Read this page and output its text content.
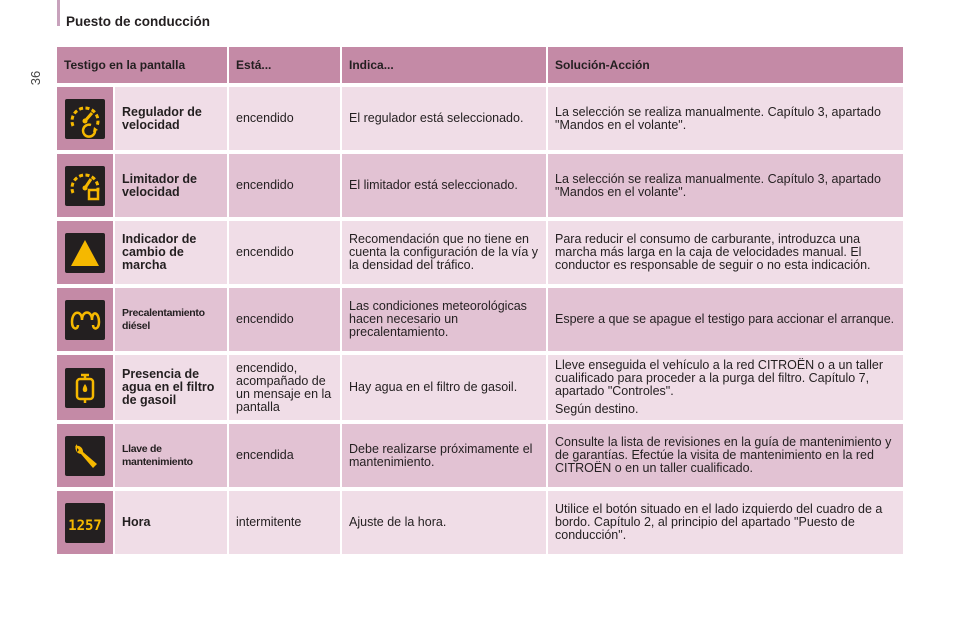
36
Puesto de conducción
Testigo en la pantalla		Está...	Indica...	Solución-Acción

	Regulador de velocidad	encendido	El regulador está seleccionado.	La selección se realiza manualmente. Capítulo 3, apartado "Mandos en el volante".

	Limitador de velocidad	encendido	El limitador está seleccionado.	La selección se realiza manualmente. Capítulo 3, apartado "Mandos en el volante".

	Indicador de cambio de marcha	encendido	Recomendación que no tiene en cuenta la configuración de la vía y la densidad del tráfico.	Para reducir el consumo de carburante, introduzca una marcha más larga en la caja de velocidades manual. El conductor es responsable de seguir o no esta indicación.

	Precalentamiento diésel	encendido	Las condiciones meteorológicas hacen necesario un precalentamiento.	Espere a que se apague el testigo para accionar el arranque.

	Presencia de agua en el filtro de gasoil	encendido, acompañado de un mensaje en la pantalla	Hay agua en el filtro de gasoil.	Lleve enseguida el vehículo a la red CITROËN o a un taller cualificado para proceder a la purga del filtro. Capítulo 7, apartado "Controles".
Según destino.

	Llave de mantenimiento	encendida	Debe realizarse próximamente el mantenimiento.	Consulte la lista de revisiones en la guía de mantenimiento y de garantías. Efectúe la visita de mantenimiento en la red CITROËN o en un taller cualificado.

1257	Hora	intermitente	Ajuste de la hora.	Utilice el botón situado en el lado izquierdo del cuadro de a bordo. Capítulo 2, al principio del apartado "Puesto de conducción".
